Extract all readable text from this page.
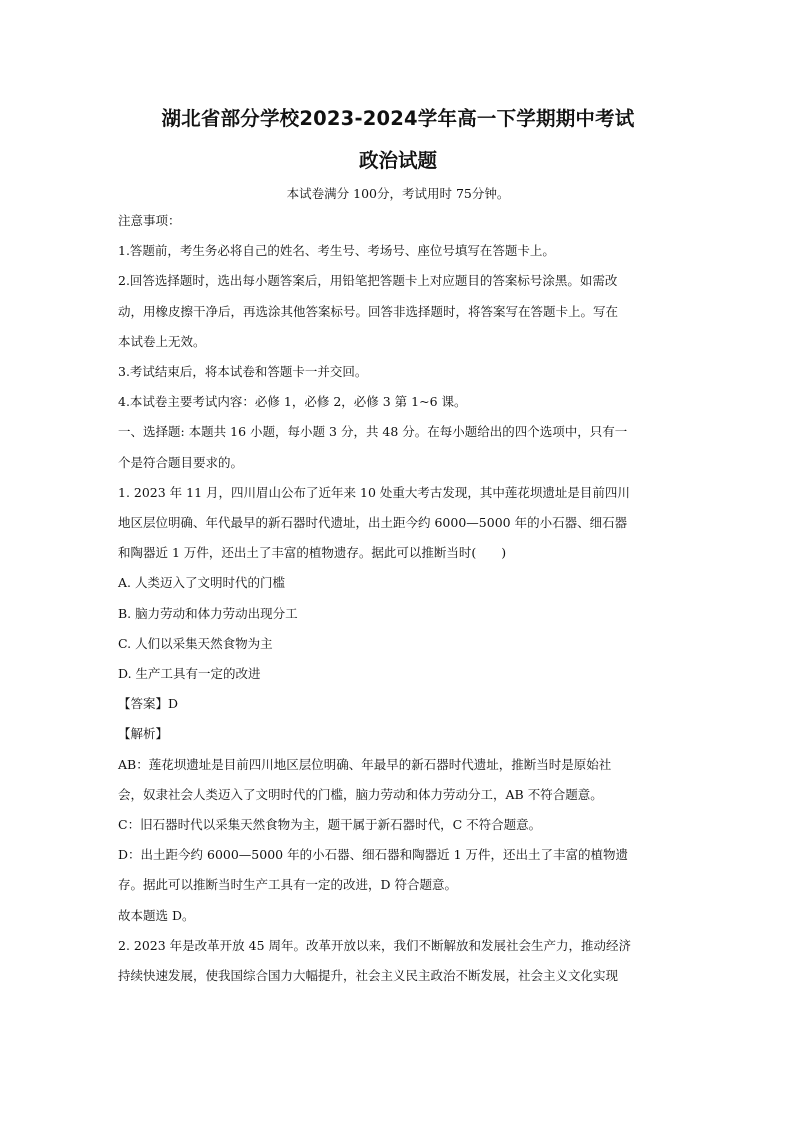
湖北省部分学校2023-2024学年高一下学期期中考试
政治试题
本试卷满分 100分，考试用时 75分钟。

注意事项：

1.答题前，考生务必将自己的姓名、考生号、考场号、座位号填写在答题卡上。

2.回答选择题时，选出每小题答案后，用铅笔把答题卡上对应题目的答案标号涂黑。如需改

动，用橡皮擦干净后，再选涂其他答案标号。回答非选择题时，将答案写在答题卡上。写在

本试卷上无效。

3.考试结束后，将本试卷和答题卡一并交回。

4.本试卷主要考试内容：必修 1，必修 2，必修 3 第 1~6 课。

一、选择题: 本题共 16 小题，每小题 3 分，共 48 分。在每小题给出的四个选项中，只有一

个是符合题目要求的。

1. 2023 年 11 月，四川眉山公布了近年来 10 处重大考古发现，其中莲花坝遗址是目前四川

地区层位明确、年代最早的新石器时代遗址，出土距今约 6000—5000 年的小石器、细石器

和陶器近 1 万件，还出土了丰富的植物遗存。据此可以推断当时(　　)

A. 人类迈入了文明时代的门槛

B. 脑力劳动和体力劳动出现分工

C. 人们以采集天然食物为主

D. 生产工具有一定的改进

【答案】D

【解析】

AB：莲花坝遗址是目前四川地区层位明确、年最早的新石器时代遗址，推断当时是原始社

会，奴隶社会人类迈入了文明时代的门槛，脑力劳动和体力劳动分工，AB 不符合题意。

C：旧石器时代以采集天然食物为主，题干属于新石器时代，C 不符合题意。

D：出土距今约 6000—5000 年的小石器、细石器和陶器近 1 万件，还出土了丰富的植物遗

存。据此可以推断当时生产工具有一定的改进，D 符合题意。

故本题选 D。

2. 2023 年是改革开放 45 周年。改革开放以来，我们不断解放和发展社会生产力，推动经济

持续快速发展，使我国综合国力大幅提升，社会主义民主政治不断发展，社会主义文化实现
